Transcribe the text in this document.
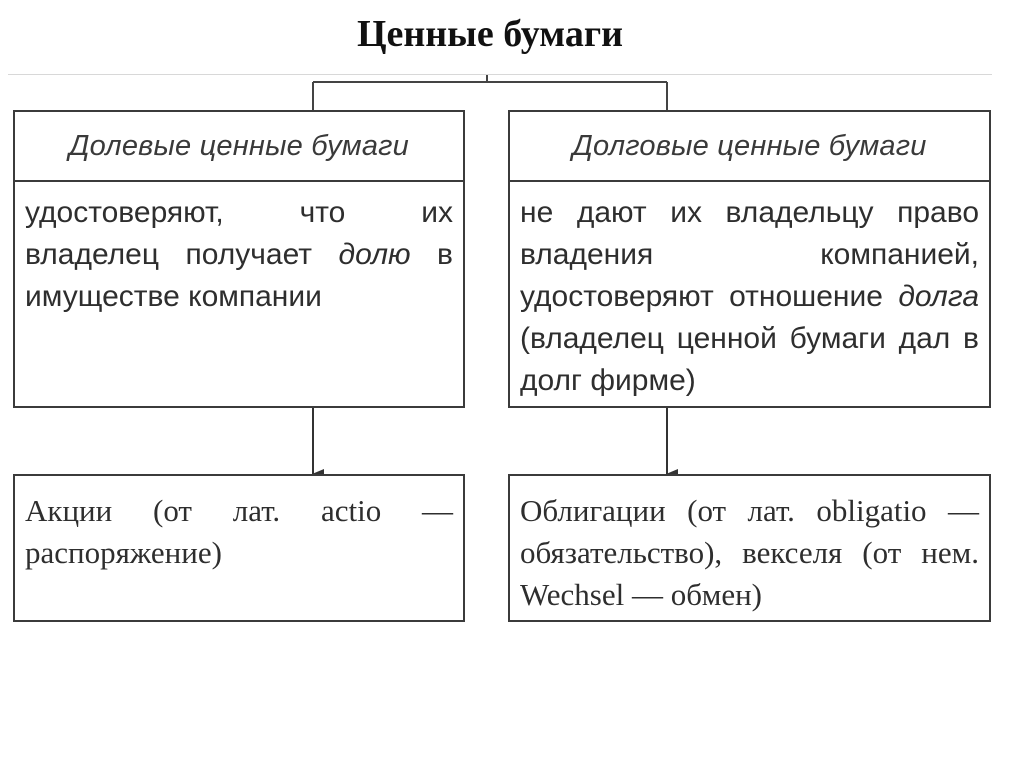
Ценные бумаги
Долевые ценные бумаги
удостоверяют, что их владелец получает долю в имуществе компании
Долговые ценные бумаги
не дают их владельцу право владения компанией, удостоверяют отношение долга (владелец ценной бумаги дал в долг фирме)
Акции (от лат. actio — распоряжение)
Облигации (от лат. obligatio — обязательство), векселя (от нем. Wechsel — обмен)
